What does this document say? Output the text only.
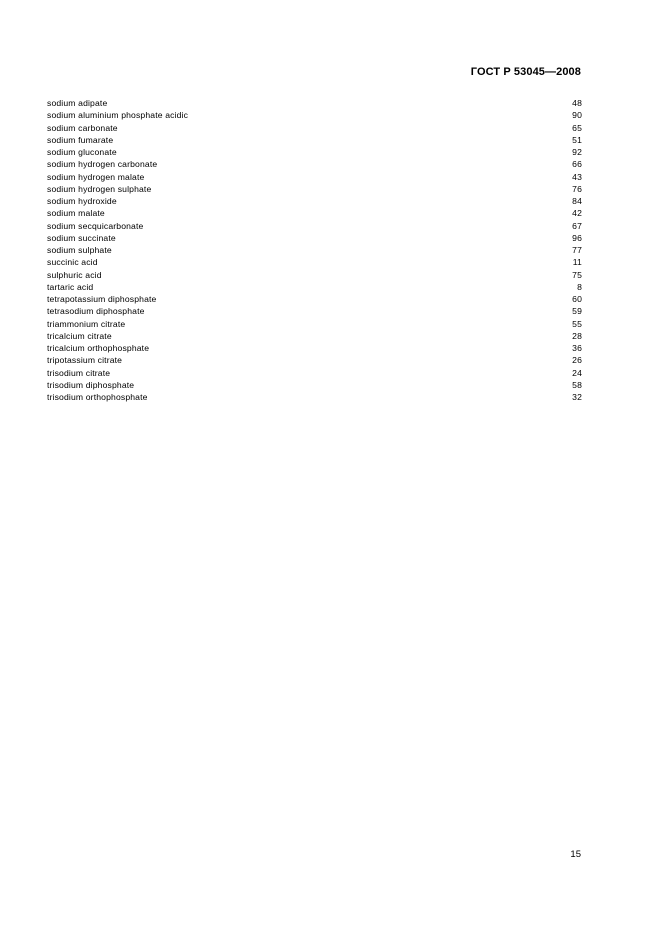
ГОСТ Р 53045—2008
sodium adipate	48
sodium aluminium phosphate acidic	90
sodium carbonate	65
sodium fumarate	51
sodium gluconate	92
sodium hydrogen carbonate	66
sodium hydrogen malate	43
sodium hydrogen sulphate	76
sodium hydroxide	84
sodium malate	42
sodium secquicarbonate	67
sodium succinate	96
sodium sulphate	77
succinic acid	11
sulphuric acid	75
tartaric acid	8
tetrapotassium diphosphate	60
tetrasodium diphosphate	59
triammonium citrate	55
tricalcium citrate	28
tricalcium orthophosphate	36
tripotassium citrate	26
trisodium citrate	24
trisodium diphosphate	58
trisodium orthophosphate	32
15
